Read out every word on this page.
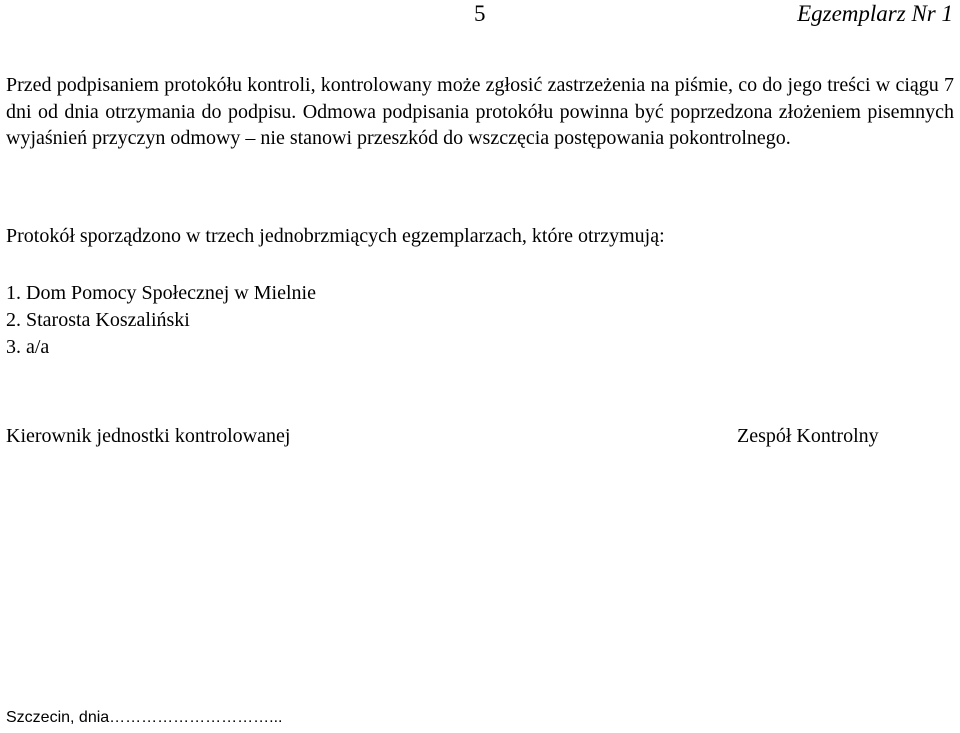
5	Egzemplarz Nr 1
Przed podpisaniem protokółu kontroli, kontrolowany może zgłosić zastrzeżenia na piśmie, co do jego treści w ciągu 7 dni od dnia otrzymania do podpisu. Odmowa podpisania protokółu powinna być poprzedzona złożeniem pisemnych wyjaśnień przyczyn odmowy – nie stanowi przeszkód do wszczęcia postępowania pokontrolnego.
Protokół sporządzono w trzech jednobrzmiących egzemplarzach, które otrzymują:
1. Dom Pomocy Społecznej w Mielnie
2. Starosta Koszaliński
3. a/a
Kierownik jednostki kontrolowanej	Zespół Kontrolny
Szczecin, dnia…………………………...
